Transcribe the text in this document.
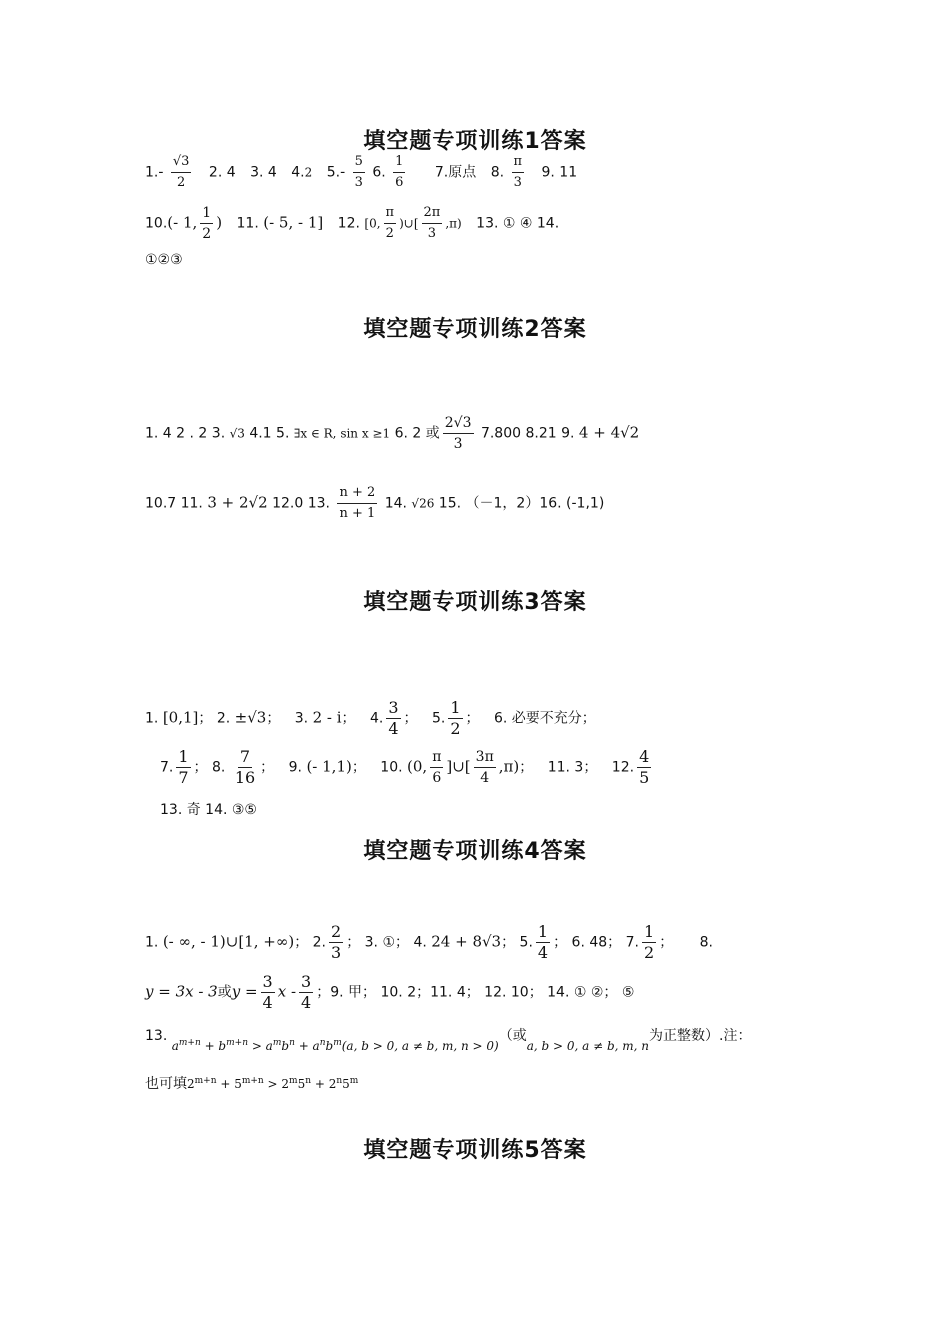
填空题专项训练1答案
$1.- \frac{√3}{2} 2$. 4 3. 4 4.2 $5.- \frac{5}{3} 6$. $\frac{1}{6} 7$.原点 8. $\frac{\pi}{3} 9$. 11
10.(- 1, $\frac{1}{2}$ ) 11. (- 5, - 1] 12. [0, $\frac{\pi}{2}$ )∪[ $\frac{2\pi}{3} ,\pi$) 13. ① ④ 14.
①②③
填空题专项训练2答案
1. 4 2 . 2 3. √3 4.1 5. ∃x ∈ R, sin x ≥1 6. 2 或 $\frac{2√3}{3} 7.800$ 8.21 9. 4 + 4√2
10.7 11. 3 + 2√2 12.0 13. $\frac{n + 2}{n + 1} 14$. √26 15. （－1，2）16. (-1,1)
填空题专项训练3答案
1. [0,1]； 2. ±√3； 3. 2 - i； 4. $\frac{3}{4}$ ； 5. $\frac{1}{2}$ ； 6. 必要不充分；
7. $\frac{1}{7}$ ； 8. $\frac{7}{16}$ ； 9. (- 1,1)； 10. (0, $\frac{\pi}{6}$ ]∪[ $\frac{3\pi}{4} ,\pi$)； 11. 3； 12. $\frac{4}{5}$
13. 奇 14. ③⑤
填空题专项训练4答案
1. (- ∞, - 1)∪[1, +∞)； 2. $\frac{2}{3}$ ； 3. ①； 4. 24 + 8√3； 5. $\frac{1}{4}$ ； 6. 48； 7. $\frac{1}{2}$ ； 8.
y = 3x - 3或$y = \frac{3}{4}$ x - $\frac{3}{4}$ ；9. 甲； 10. 2；11. 4； 12. 10； 14. ① ②； ⑤
13. $a^{m+n} + b^{m+n} > a^mb^n + a^nb^m(a$, b > 0, a ≠ b, m, n > 0)（或a, b > 0, a ≠ b, m, n为正整数）.注：
也可填$2^{m+n} + 5^{m+n} > 2^m5^n + 2^n5^m$
填空题专项训练5答案
